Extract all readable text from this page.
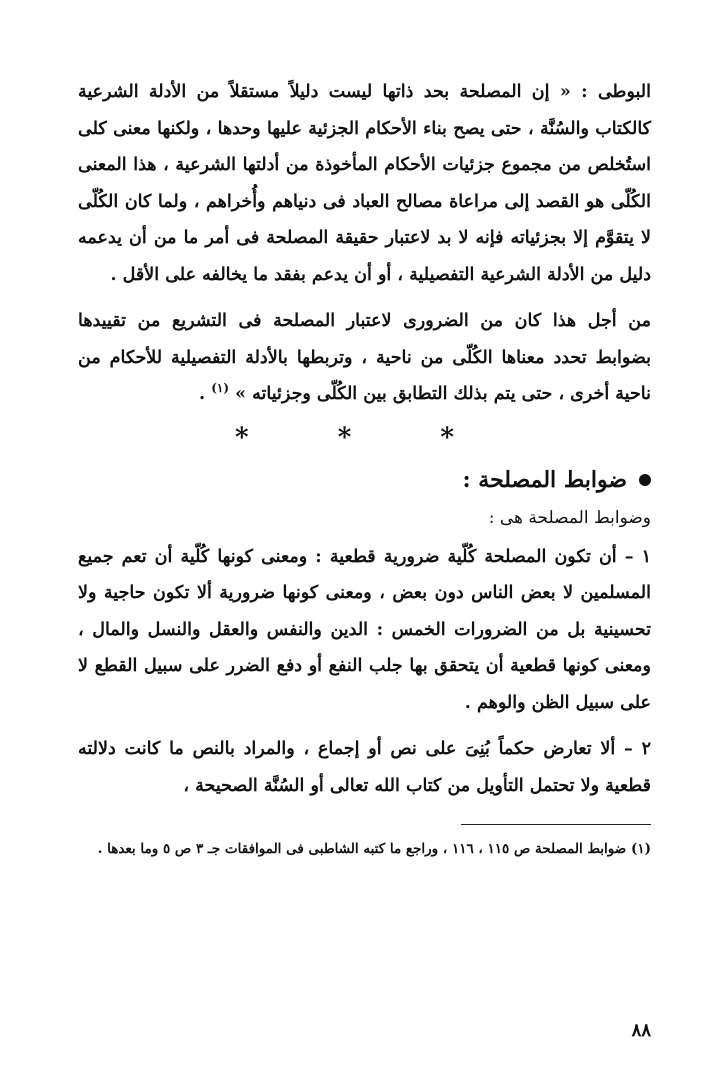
البوطى : « إن المصلحة بحد ذاتها ليست دليلاً مستقلاً من الأدلة الشرعية كالكتاب والسُنَّة ، حتى يصح بناء الأحكام الجزئية عليها وحدها ، ولكنها معنى كلى استُخلص من مجموع جزئيات الأحكام المأخوذة من أدلتها الشرعية ، هذا المعنى الكُلّى هو القصد إلى مراعاة مصالح العباد فى دنياهم وأُخراهم ، ولما كان الكُلّى لا يتقوَّم إلا بجزئياته فإنه لا بد لاعتبار حقيقة المصلحة فى أمر ما من أن يدعمه دليل من الأدلة الشرعية التفصيلية ، أو أن يدعم بفقد ما يخالفه على الأقل .

من أجل هذا كان من الضرورى لاعتبار المصلحة فى التشريع من تقييدها بضوابط تحدد معناها الكُلّى من ناحية ، وتربطها بالأدلة التفصيلية للأحكام من ناحية أخرى ، حتى يتم بذلك التطابق بين الكُلّى وجزئياته » $^{(١)}$ .

* * *
ضوابط المصلحة :

وضوابط المصلحة هى :

١ – أن تكون المصلحة كُلّية ضرورية قطعية : ومعنى كونها كُلّية أن تعم جميع المسلمين لا بعض الناس دون بعض ، ومعنى كونها ضرورية ألا تكون حاجية ولا تحسينية بل من الضرورات الخمس : الدين والنفس والعقل والنسل والمال ، ومعنى كونها قطعية أن يتحقق بها جلب النفع أو دفع الضرر على سبيل القطع لا على سبيل الظن والوهم .

٢ – ألا تعارض حكماً بُنِىَ على نص أو إجماع ، والمراد بالنص ما كانت دلالته قطعية ولا تحتمل التأويل من كتاب الله تعالى أو السُنَّة الصحيحة ،

(١) ضوابط المصلحة ص ١١٥ ، ١١٦ ، وراجع ما كتبه الشاطبى فى الموافقات جـ ٣ ص ٥ وما بعدها .

٨٨
